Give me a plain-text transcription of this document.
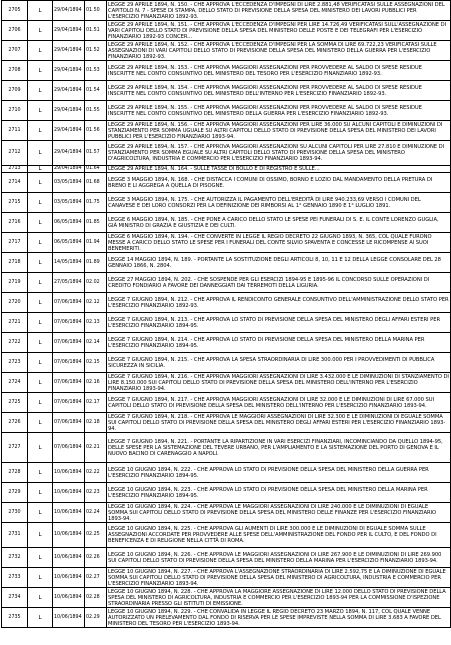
2705	L	29/04/1894	01.50	LEGGE 29 APRILE 1894, N. 150. - CHE APPROVA L'ECCEDENZA D'IMPEGNI DI LIRE 2.881,48 VERIFICATASI SULLE ASSEGNAZIONI DEL CAPITOLO N. 7 - SPESE DI STAMPA, DELLO STATO DI PREVISIONE DELLA SPESA DEL MINISTERO DEI LAVORI PUBBLICI PER L'ESERCIZIO FINANZIARIO 1892-93.
2706	L	29/04/1894	01.51	LEGGE 29 APRILE 1894, N. 151. - CHE APPROVA L'ECCEDENZA D'IMPEGNI PER LIRE 14.726,49 VERIFICATASI SULL'ASSEGNAZIONE DI VARI CAPITOLI DELLO STATO DI PREVISIONE DELLA SPESA DEL MINISTERO DELLE POSTE E DEI TELEGRAFI PER L'ESERCIZIO FINANZIARIO 1892-93 CONCER...
2707	L	29/04/1894	01.52	LEGGE 29 APRILE 1894, N. 152. - CHE APPROVA L'ECCEDENZA D'IMPEGNI PER LA SOMMA DI LIRE 69.722,23 VERIFICATASI SULLE ASSEGNAZIONI DI VARI CAPITOLI DELLO STATO DI PREVISIONE DELLA SPESA DEL MINISTERO DELLA GUERRA PER L'ESERCIZIO FINANZIARIO 1892-93.
2708	L	29/04/1894	01.53	LEGGE 29 APRILE 1894, N. 153. - CHE APPROVA MAGGIORI ASSEGNAZIONI PER PROVVEDERE AL SALDO DI SPESE RESIDUE INSCRITTE NEL CONTO CONSUNTIVO DEL MINISTERO DEL TESORO PER L'ESERCIZIO FINANZIARIO 1892-93.
2709	L	29/04/1894	01.54	LEGGE 29 APRILE 1894, N. 154. - CHE APPROVA MAGGIORI ASSEGNAZIONI PER PROVVEDERE AL SALDO DI SPESE RESIDUE INSCRITTE NEL CONTO CONSUNTIVO DEL MINISTERO DELL'INTERNO PER L'ESERCIZIO FINANZIARIO 1892-93.
2710	L	29/04/1894	01.55	LEGGE 29 APRILE 1894, N. 155. - CHE APPROVA MAGGIORI ASSEGNAZIONI PER PROVVEDERE AL SALDO DI SPESE RESIDUE INSCRITTE NEL CONTO CONSUNTIVO DEL MINISTERO DELLA GUERRA PER L'ESERCIZIO FINANZIARIO 1892-93.
2711	L	29/04/1894	01.56	LEGGE 29 APRILE 1894, N. 156. - CHE APPROVA MAGGIORI ASSEGNAZIONI PER LIRE 36.000 SU ALCUNI CAPITOLI E DIMINUZIONI DI STANZIAMENTO PER SOMMA UGUALE SU ALTRI CAPITOLI DELLO STATO DI PREVISIONE DELLA SPESA DEL MINISTERO DEI LAVORI PUBBLICI PER L'ESERCIZIO FINANZIARIO 1893-94.
2712	L	29/04/1894	01.57	LEGGE 29 APRILE 1894, N. 157. - CHE APPROVA MAGGIORI ASSEGNAZIONI SU ALCUNI CAPITOLI PER LIRE 27.810 E DIMINUZIONE DI STANZIAMENTO PER SOMMA EGUALE SU ALTRI CAPITOLI DELLO STATO DI PREVISIONE DELLA SPESA DEL MINISTERO D'AGRICOLTURA, INDUSTRIA E COMMERCIO PER L'ESERCIZIO FINANZIARIO 1893-94.
2713	L	29/04/1894	01.64	LEGGE 29 APRILE 1894, N. 164. - SULLE TASSE DI BOLLO E DI REGISTRO E SULLE...
2714	L	03/05/1894	01.68	LEGGE 3 MAGGIO 1894, N. 168. - CHE DISTACCA I COMUNI DI OSSIMO, BORNO E LOZIO DAL MANDAMENTO DELLA PRETURA DI BRENO E LI AGGREGA A QUELLA DI PISOGNE.
2715	L	03/05/1894	01.75	LEGGE 3 MAGGIO 1894, N. 175. - CHE AUTORIZZA IL PAGAMENTO DELL'EREDITÀ DI LIRE 940.233,69 VERSO I COMUNI DEL CANAVESE E DEI LORO CONSORZI PER LA DEFINIZIONE DEI RIMBORSI AL 1° GENNAIO 1890 E 1° LUGLIO 1891.
2716	L	06/05/1894	01.85	LEGGE 6 MAGGIO 1894, N. 185. - CHE PONE A CARICO DELLO STATO LE SPESE PEI FUNERALI DI S. E. IL CONTE LORENZO GUGLIA, GIÀ MINISTRO DI GRAZIA E GIUSTIZIA E DEI CULTI.
2717	L	06/05/1894	01.94	LEGGE 6 MAGGIO 1894, N. 194. - CHE CONVERTE IN LEGGE IL REGIO DECRETO 22 GIUGNO 1893, N. 365, COL QUALE FURONO MESSE A CARICO DELLO STATO LE SPESE PER I FUNERALI DEL CONTE SILVIO SPAVENTA E CONCESSE LE RICOMPENSE AI SUOI BENEMERITI.
2718	L	14/05/1894	01.89	LEGGE 14 MAGGIO 1894, N. 189. - PORTANTE LA SOSTITUZIONE DEGLI ARTICOLI 8, 10, 11 E 12 DELLA LEGGE CONSOLARE DEL 28 GENNAIO 1866, N. 2804.
2719	L	27/05/1894	02.02	LEGGE 27 MAGGIO 1894, N. 202. - CHE SOSPENDE PER GLI ESERCIZI 1894-95 E 1895-96 IL CONCORSO SULLE OPERAZIONI DI CREDITO FONDIARIO A FAVORE DEI DANNEGGIATI DAI TERREMOTI DELLA LIGURIA.
2720	L	07/06/1894	02.12	LEGGE 7 GIUGNO 1894, N. 212. - CHE APPROVA IL RENDICONTO GENERALE CONSUNTIVO DELL'AMMINISTRAZIONE DELLO STATO PER L'ESERCIZIO FINANZIARIO 1892-93.
2721	L	07/06/1894	02.13	LEGGE 7 GIUGNO 1894, N. 213. - CHE APPROVA LO STATO DI PREVISIONE DELLA SPESA DEL MINISTERO DEGLI AFFARI ESTERI PER L'ESERCIZIO FINANZIARIO 1894-95.
2722	L	07/06/1894	02.14	LEGGE 7 GIUGNO 1894, N. 214. - CHE APPROVA LO STATO DI PREVISIONE DELLA SPESA DEL MINISTERO DELLA MARINA PER L'ESERCIZIO FINANZIARIO 1894-95.
2723	L	07/06/1894	02.15	LEGGE 7 GIUGNO 1894, N. 215. - CHE APPROVA LA SPESA STRAORDINARIA DI LIRE 300.000 PER I PROVVEDIMENTI DI PUBBLICA SICUREZZA IN SICILIA.
2724	L	07/06/1894	02.16	LEGGE 7 GIUGNO 1894, N. 216. - CHE APPROVA MAGGIORI ASSEGNAZIONI DI LIRE 3.432.000 E LE DIMINUZIONI DI STANZIAMENTO DI LIRE 8.150.000 SUI CAPITOLI DELLO STATO DI PREVISIONE DELLA SPESA DEL MINISTERO DELL'INTERNO PER L'ESERCIZIO FINANZIARIO 1893-94.
2725	L	07/06/1894	02.17	LEGGE 7 GIUGNO 1894, N. 217. - CHE APPROVA MAGGIORI ASSEGNAZIONI DI LIRE 32.000 E LE DIMINUZIONI DI LIRE 67.000 SUI CAPITOLI DELLO STATO DI PREVISIONE DELLA SPESA DEL MINISTERO DELL'INTERNO PER L'ESERCIZIO FINANZIARIO 1893-94.
2726	L	07/06/1894	02.18	LEGGE 7 GIUGNO 1894, N. 218. - CHE APPROVA LE MAGGIORI ASSEGNAZIONI DI LIRE 32.300 E LE DIMINUZIONI DI EGUALE SOMMA SUI CAPITOLI DELLO STATO DI PREVISIONE DELLA SPESA DEL MINISTERO DEGLI AFFARI ESTERI PER L'ESERCIZIO FINANZIARIO 1893-94.
2727	L	07/06/1894	02.21	LEGGE 7 GIUGNO 1894, N. 221. - PORTANTE LA RIPARTIZIONE IN VARI ESERCIZI FINANZIARI, INCOMINCIANDO DA QUELLO 1894-95, DELLE SPESE PER LA SISTEMAZIONE DEL TEVERE URBANO, PER L'AMPLIAMENTO E LA SISTEMAZIONE DEL PORTO DI GENOVA E IL NUOVO BACINO DI CARENAGGIO A NAPOLI.
2728	L	10/06/1894	02.22	LEGGE 10 GIUGNO 1894, N. 222. - CHE APPROVA LO STATO DI PREVISIONE DELLA SPESA DEL MINISTERO DELLA GUERRA PER L'ESERCIZIO FINANZIARIO 1894-95.
2729	L	10/06/1894	02.23	LEGGE 10 GIUGNO 1894, N. 223. - CHE APPROVA LO STATO DI PREVISIONE DELLA SPESA DEL MINISTERO DELLA MARINA PER L'ESERCIZIO FINANZIARIO 1894-95.
2730	L	10/06/1894	02.24	LEGGE 10 GIUGNO 1894, N. 224. - CHE APPROVA LE MAGGIORI ASSEGNAZIONI DI LIRE 240.000 E LE DIMINUZIONI DI EGUALE SOMMA SUI CAPITOLI DELLO STATO DI PREVISIONE DELLA SPESA DEL MINISTERO DELLE FINANZE PER L'ESERCIZIO FINANZIARIO 1893-94.
2731	L	10/06/1894	02.25	LEGGE 10 GIUGNO 1894, N. 225. - CHE APPROVA GLI AUMENTI DI LIRE 300.000 E LE DIMINUZIONI DI EGUALE SOMMA SULLE ASSEGNAZIONI ACCORDATE PER PROVVEDERE ALLE SPESE DELL'AMMINISTRAZIONE DEL FONDO PER IL CULTO, E DEL FONDO DI BENEFICENZA E DI RELIGIONE NELLA CITTÀ DI ROMA.
2732	L	10/06/1894	02.26	LEGGE 10 GIUGNO 1894, N. 226. - CHE APPROVA LE MAGGIORI ASSEGNAZIONI DI LIRE 267.900 E LE DIMINUZIONI DI LIRE 269.900 SUI CAPITOLI DELLO STATO DI PREVISIONE DELLA SPESA DEL MINISTERO DELLA MARINA PER L'ESERCIZIO FINANZIARIO 1893-94.
2733	L	10/06/1894	02.27	LEGGE 10 GIUGNO 1894, N. 227. - CHE APPROVA L'ASSEGNAZIONE STRAORDINARIA DI LIRE 2.592,75 E LA DIMINUZIONE DI EGUALE SOMMA SUI CAPITOLI DELLO STATO DI PREVISIONE DELLA SPESA DEL MINISTERO DI AGRICOLTURA, INDUSTRIA E COMMERCIO PER L'ESERCIZIO FINANZIARIO 1893-94.
2734	L	10/06/1894	02.28	LEGGE 10 GIUGNO 1894, N. 228. - CHE APPROVA LA MAGGIORE ASSEGNAZIONE DI LIRE 12.000 DELLO STATO DI PREVISIONE DELLA SPESA DEL MINISTERO DI AGRICOLTURA, INDUSTRIA E COMMERCIO PER L'ESERCIZIO 1893-94 PER LA COMMISSIONE D'ISPEZIONE STRAORDINARIA PRESSO GLI ISTITUTI DI EMISSIONE.
2735	L	10/06/1894	02.29	LEGGE 10 GIUGNO 1894, N. 229. - CHE CONVALIDA IN LEGGE IL REGIO DECRETO 23 MARZO 1894, N. 117, COL QUALE VENNE AUTORIZZATO UN PRELEVAMENTO DAL FONDO DI RISERVA PER LE SPESE IMPREVISTE NELLA SOMMA DI LIRE 3.683 A FAVORE DEL MINISTERO DEL TESORO PER L'ESERCIZIO 1893-94.
